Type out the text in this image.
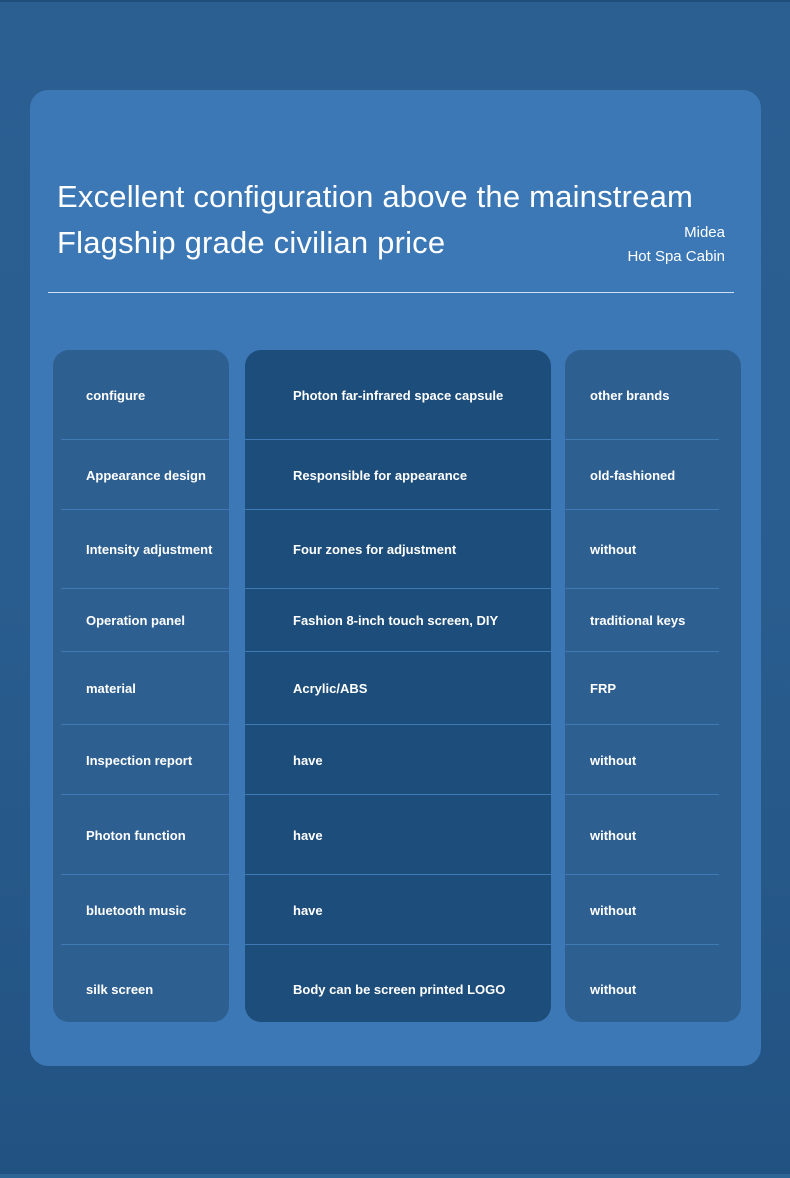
Excellent configuration above the mainstream
Flagship grade civilian price	Midea
Hot Spa Cabin
configure
Appearance design
Intensity adjustment
Operation panel
material
Inspection report
Photon function
bluetooth music
silk screen
Photon far-infrared space capsule
Responsible for appearance
Four zones for adjustment
Fashion 8-inch touch screen, DIY
Acrylic/ABS
have
have
have
Body can be screen printed LOGO
other brands
old-fashioned
without
traditional keys
FRP
without
without
without
without
